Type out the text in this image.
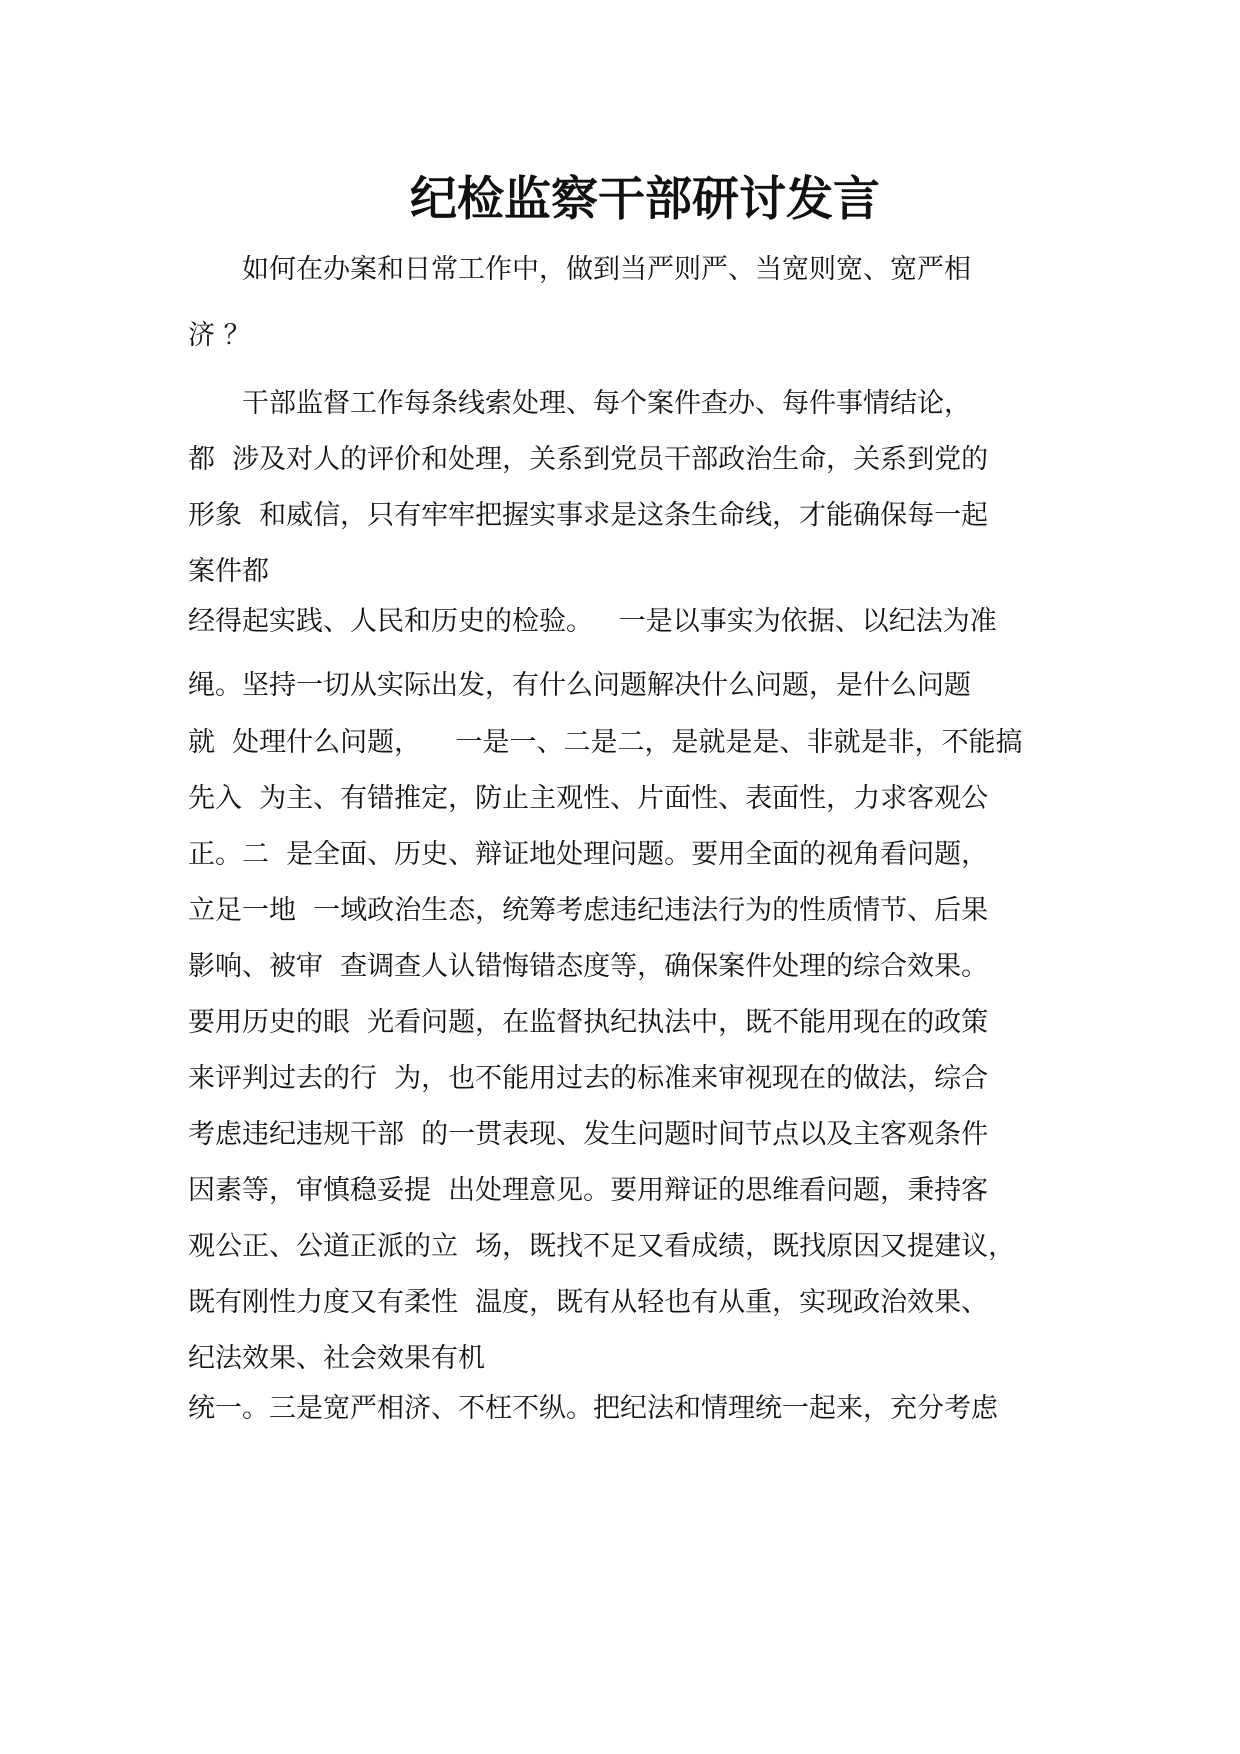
纪检监察干部研讨发言

　　如何在办案和日常工作中，做到当严则严、当宽则宽、宽严相

济 ？

　　干部监督工作每条线索处理、每个案件查办、每件事情结论，

都  涉及对人的评价和处理，关系到党员干部政治生命，关系到党的

形象  和威信，只有牢牢把握实事求是这条生命线，才能确保每一起

案件都

经得起实践、人民和历史的检验。   一是以事实为依据、以纪法为准

绳。坚持一切从实际出发，有什么问题解决什么问题，是什么问题

就  处理什么问题，    一是一、二是二，是就是是、非就是非，不能搞

先入  为主、有错推定，防止主观性、片面性、表面性，力求客观公

正。二  是全面、历史、辩证地处理问题。要用全面的视角看问题，

立足一地  一域政治生态，统筹考虑违纪违法行为的性质情节、后果

影响、被审  查调查人认错悔错态度等，确保案件处理的综合效果。

要用历史的眼  光看问题，在监督执纪执法中，既不能用现在的政策

来评判过去的行  为，也不能用过去的标准来审视现在的做法，综合

考虑违纪违规干部  的一贯表现、发生问题时间节点以及主客观条件

因素等，审慎稳妥提  出处理意见。要用辩证的思维看问题，秉持客

观公正、公道正派的立  场，既找不足又看成绩，既找原因又提建议，

既有刚性力度又有柔性  温度，既有从轻也有从重，实现政治效果、

纪法效果、社会效果有机

统一。三是宽严相济、不枉不纵。把纪法和情理统一起来，充分考虑
